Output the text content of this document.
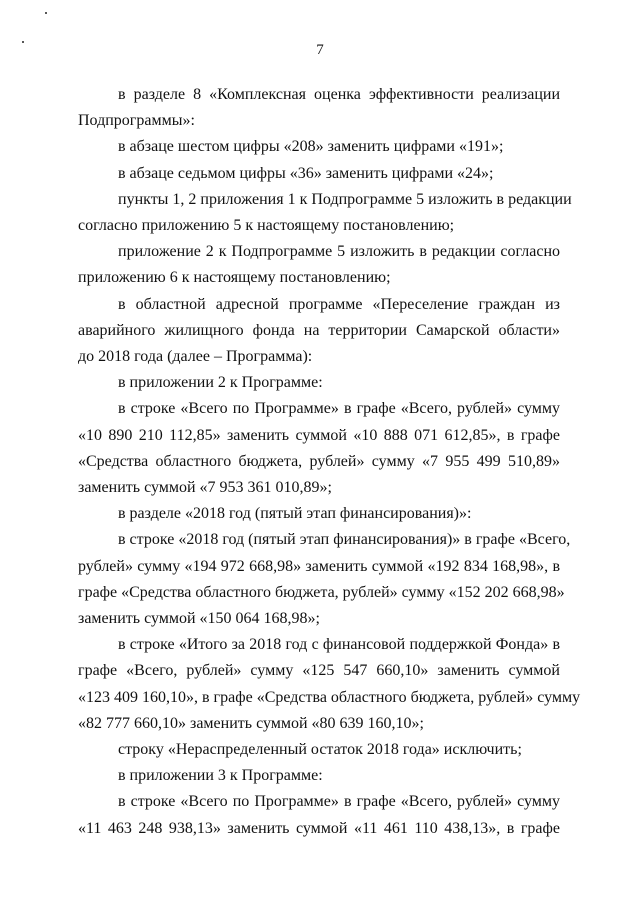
7
в разделе 8 «Комплексная оценка эффективности реализации
Подпрограммы»:
в абзаце шестом цифры «208» заменить цифрами «191»;
в абзаце седьмом цифры «36» заменить цифрами «24»;
пункты 1, 2 приложения 1 к Подпрограмме 5 изложить в редакции
согласно приложению 5 к настоящему постановлению;
приложение 2 к Подпрограмме 5 изложить в редакции согласно
приложению 6 к настоящему постановлению;
в областной адресной программе «Переселение граждан из
аварийного жилищного фонда на территории Самарской области»
до 2018 года (далее – Программа):
в приложении 2 к Программе:
в строке «Всего по Программе» в графе «Всего, рублей» сумму
«10 890 210 112,85» заменить суммой «10 888 071 612,85», в графе
«Средства областного бюджета, рублей» сумму «7 955 499 510,89»
заменить суммой «7 953 361 010,89»;
в разделе «2018 год (пятый этап финансирования)»:
в строке «2018 год (пятый этап финансирования)» в графе «Всего,
рублей» сумму «194 972 668,98» заменить суммой «192 834 168,98», в
графе «Средства областного бюджета, рублей» сумму «152 202 668,98»
заменить суммой «150 064 168,98»;
в строке «Итого за 2018 год с финансовой поддержкой Фонда» в
графе «Всего, рублей» сумму «125 547 660,10» заменить суммой
«123 409 160,10», в графе «Средства областного бюджета, рублей» сумму
«82 777 660,10» заменить суммой «80 639 160,10»;
строку «Нераспределенный остаток 2018 года» исключить;
в приложении 3 к Программе:
в строке «Всего по Программе» в графе «Всего, рублей» сумму
«11 463 248 938,13» заменить суммой «11 461 110 438,13», в графе
